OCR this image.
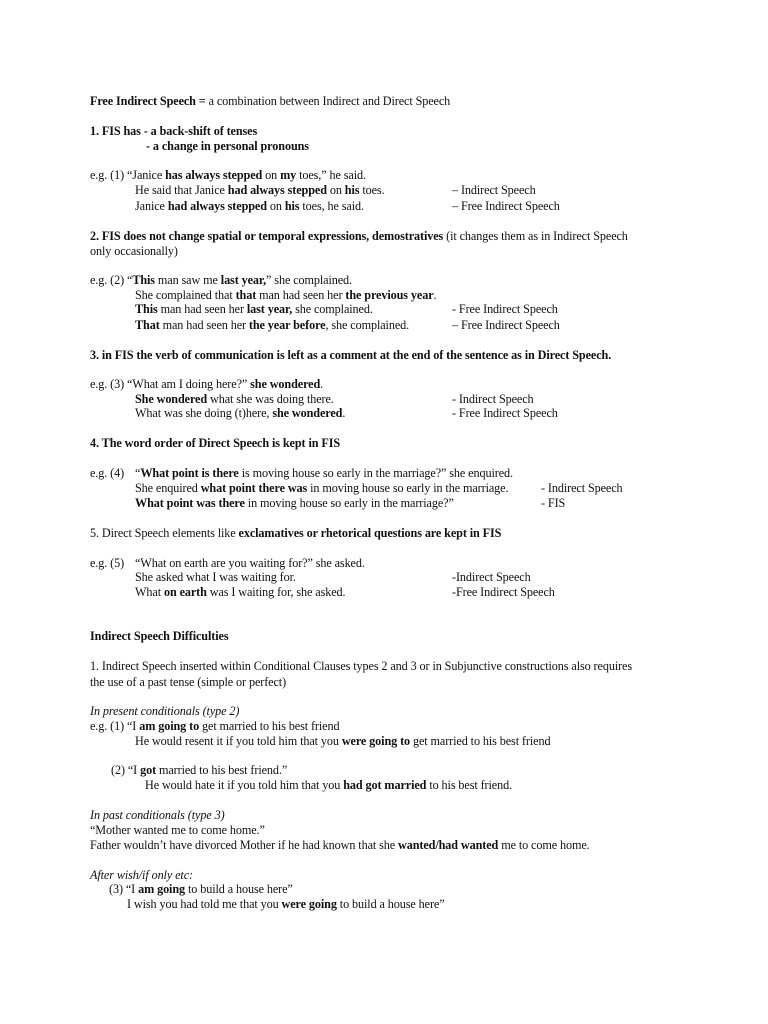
Free Indirect Speech = a combination between Indirect and Direct Speech
1. FIS has - a back-shift of tenses
- a change in personal pronouns
e.g. (1) “Janice has always stepped on my toes,” he said.
He said that Janice had always stepped on his toes.	– Indirect Speech
Janice had always stepped on his toes, he said.	– Free Indirect Speech
2. FIS does not change spatial or temporal expressions, demostratives (it changes them as in Indirect Speech
only occasionally)
e.g. (2) “This man saw me last year,” she complained.
She complained that that man had seen her the previous year.
This man had seen her last year, she complained.	- Free Indirect Speech
That man had seen her the year before, she complained.	– Free Indirect Speech
3. in FIS the verb of communication is left as a comment at the end of the sentence as in Direct Speech.
e.g. (3) “What am I doing here?” she wondered.
She wondered what she was doing there.	- Indirect Speech
What was she doing (t)here, she wondered.	- Free Indirect Speech
4. The word order of Direct Speech is kept in FIS
e.g. (4) “What point is there is moving house so early in the marriage?” she enquired.
She enquired what point there was in moving house so early in the marriage.	- Indirect Speech
What point was there in moving house so early in the marriage?”	- FIS
5. Direct Speech elements like exclamatives or rhetorical questions are kept in FIS
e.g. (5) “What on earth are you waiting for?” she asked.
She asked what I was waiting for.	-Indirect Speech
What on earth was I waiting for, she asked.	-Free Indirect Speech
Indirect Speech Difficulties
1. Indirect Speech inserted within Conditional Clauses types 2 and 3 or in Subjunctive constructions also requires
the use of a past tense (simple or perfect)
In present conditionals (type 2)
e.g. (1) “I am going to get married to his best friend
He would resent it if you told him that you were going to get married to his best friend
(2) “I got married to his best friend.”
He would hate it if you told him that you had got married to his best friend.
In past conditionals (type 3)
“Mother wanted me to come home.”
Father wouldn’t have divorced Mother if he had known that she wanted/had wanted me to come home.
After wish/if only etc:
(3) “I am going to build a house here”
I wish you had told me that you were going to build a house here”
